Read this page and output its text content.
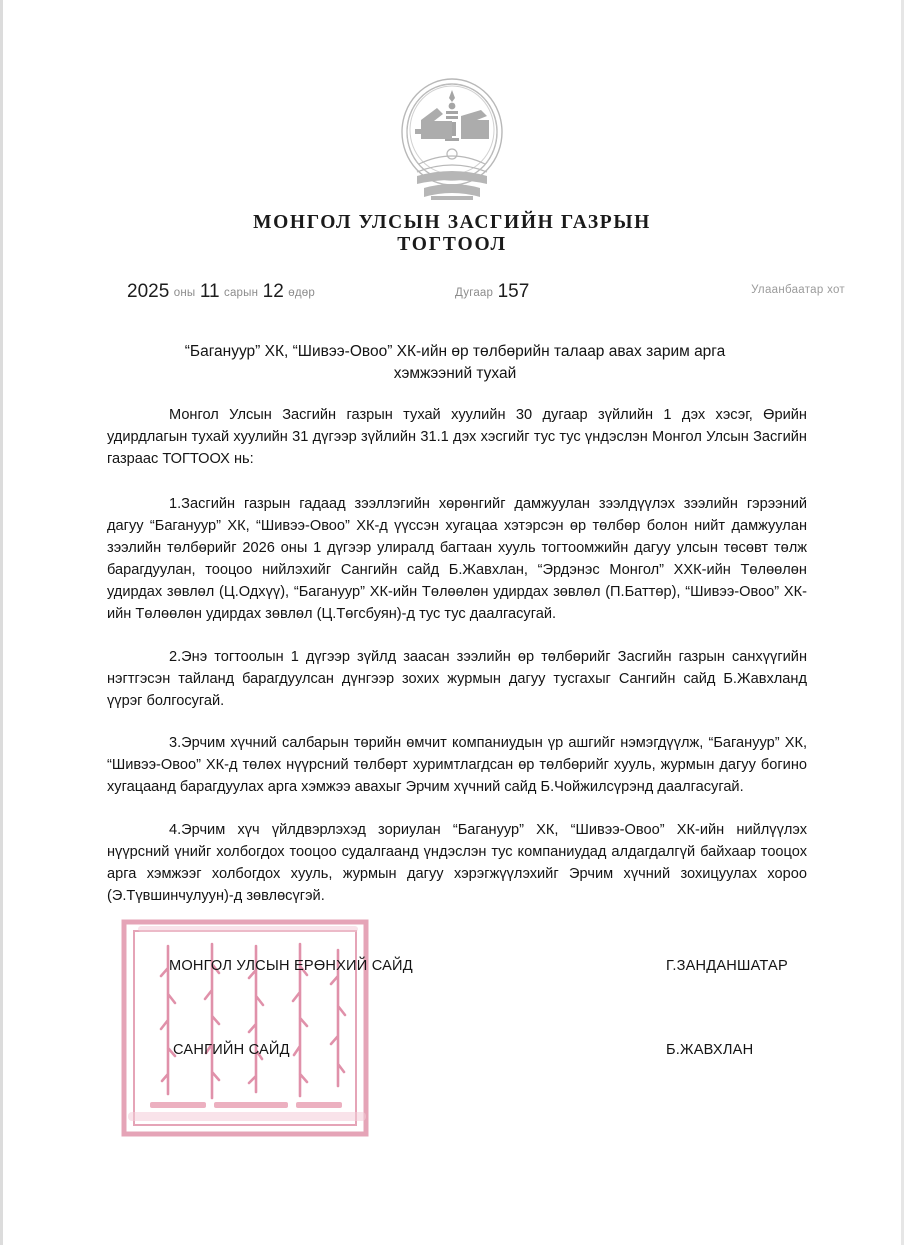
МОНГОЛ УЛСЫН ЗАСГИЙН ГАЗРЫН
ТОГТООЛ
2025 оны 11 сарын 12 өдөр	Дугаар 157	Улаанбаатар хот
“Багануур” ХК, “Шивээ-Овоо” ХК-ийн өр төлбөрийн талаар авах зарим арга хэмжээний тухай

Монгол Улсын Засгийн газрын тухай хуулийн 30 дугаар зүйлийн 1 дэх хэсэг, Өрийн удирдлагын тухай хуулийн 31 дүгээр зүйлийн 31.1 дэх хэсгийг тус тус үндэслэн Монгол Улсын Засгийн газраас ТОГТООХ нь:

1.Засгийн газрын гадаад зээллэгийн хөрөнгийг дамжуулан зээлдүүлэх зээлийн гэрээний дагуу “Багануур” ХК, “Шивээ-Овоо” ХК-д үүссэн хугацаа хэтэрсэн өр төлбөр болон нийт дамжуулан зээлийн төлбөрийг 2026 оны 1 дүгээр улиралд багтаан хууль тогтоомжийн дагуу улсын төсөвт төлж барагдуулан, тооцоо нийлэхийг Сангийн сайд Б.Жавхлан, “Эрдэнэс Монгол” ХХК-ийн Төлөөлөн удирдах зөвлөл (Ц.Одхүү), “Багануур” ХК-ийн Төлөөлөн удирдах зөвлөл (П.Баттөр), “Шивээ-Овоо” ХК-ийн Төлөөлөн удирдах зөвлөл (Ц.Төгсбуян)-д тус тус даалгасугай.

2.Энэ тогтоолын 1 дүгээр зүйлд заасан зээлийн өр төлбөрийг Засгийн газрын санхүүгийн нэгтгэсэн тайланд барагдуулсан дүнгээр зохих журмын дагуу тусгахыг Сангийн сайд Б.Жавхланд үүрэг болгосугай.

3.Эрчим хүчний салбарын төрийн өмчит компаниудын үр ашгийг нэмэгдүүлж, “Багануур” ХК, “Шивээ-Овоо” ХК-д төлөх нүүрсний төлбөрт хуримтлагдсан өр төлбөрийг хууль, журмын дагуу богино хугацаанд барагдуулах арга хэмжээ авахыг Эрчим хүчний сайд Б.Чойжилсүрэнд даалгасугай.

4.Эрчим хүч үйлдвэрлэхэд зориулан “Багануур” ХК, “Шивээ-Овоо” ХК-ийн нийлүүлэх нүүрсний үнийг холбогдох тооцоо судалгаанд үндэслэн тус компаниудад алдагдалгүй байхаар тооцох арга хэмжээг холбогдох хууль, журмын дагуу хэрэгжүүлэхийг Эрчим хүчний зохицуулах хороо (Э.Түвшинчулуун)-д зөвлөсүгэй.

МОНГОЛ УЛСЫН ЕРӨНХИЙ САЙД	Г.ЗАНДАНШАТАР
САНГИЙН САЙД	Б.ЖАВХЛАН
